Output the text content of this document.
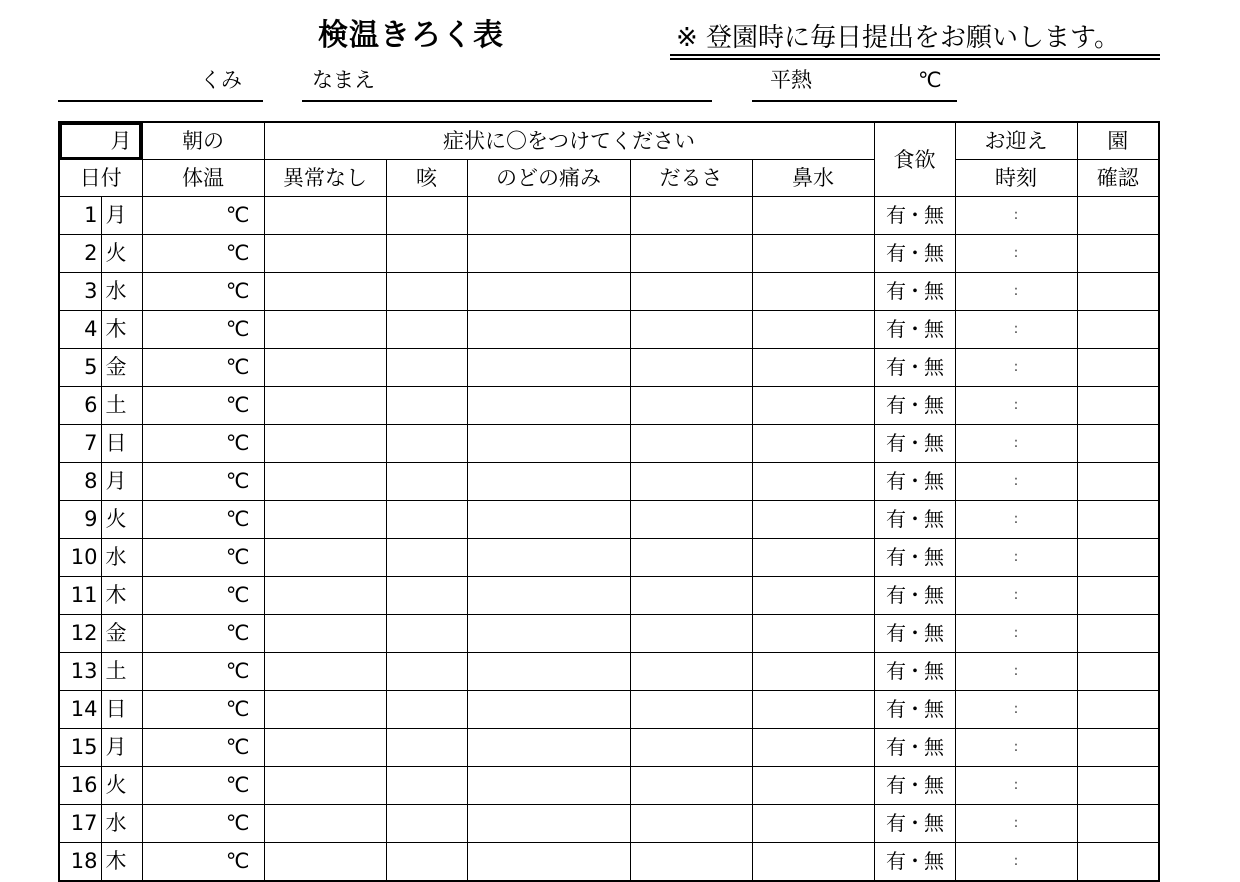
検温きろく表	※ 登園時に毎日提出をお願いします。
くみ	なまえ	平熱	℃
月		朝の	症状に〇をつけてください					食欲	お迎え	園
日付		体温	異常なし	咳	のどの痛み	だるさ	鼻水		時刻	確認
1	月	℃						有・無	:	
2	火	℃						有・無	:	
3	水	℃						有・無	:	
4	木	℃						有・無	:	
5	金	℃						有・無	:	
6	土	℃						有・無	:	
7	日	℃						有・無	:	
8	月	℃						有・無	:	
9	火	℃						有・無	:	
10	水	℃						有・無	:	
11	木	℃						有・無	:	
12	金	℃						有・無	:	
13	土	℃						有・無	:	
14	日	℃						有・無	:	
15	月	℃						有・無	:	
16	火	℃						有・無	:	
17	水	℃						有・無	:	
18	木	℃						有・無	:	
